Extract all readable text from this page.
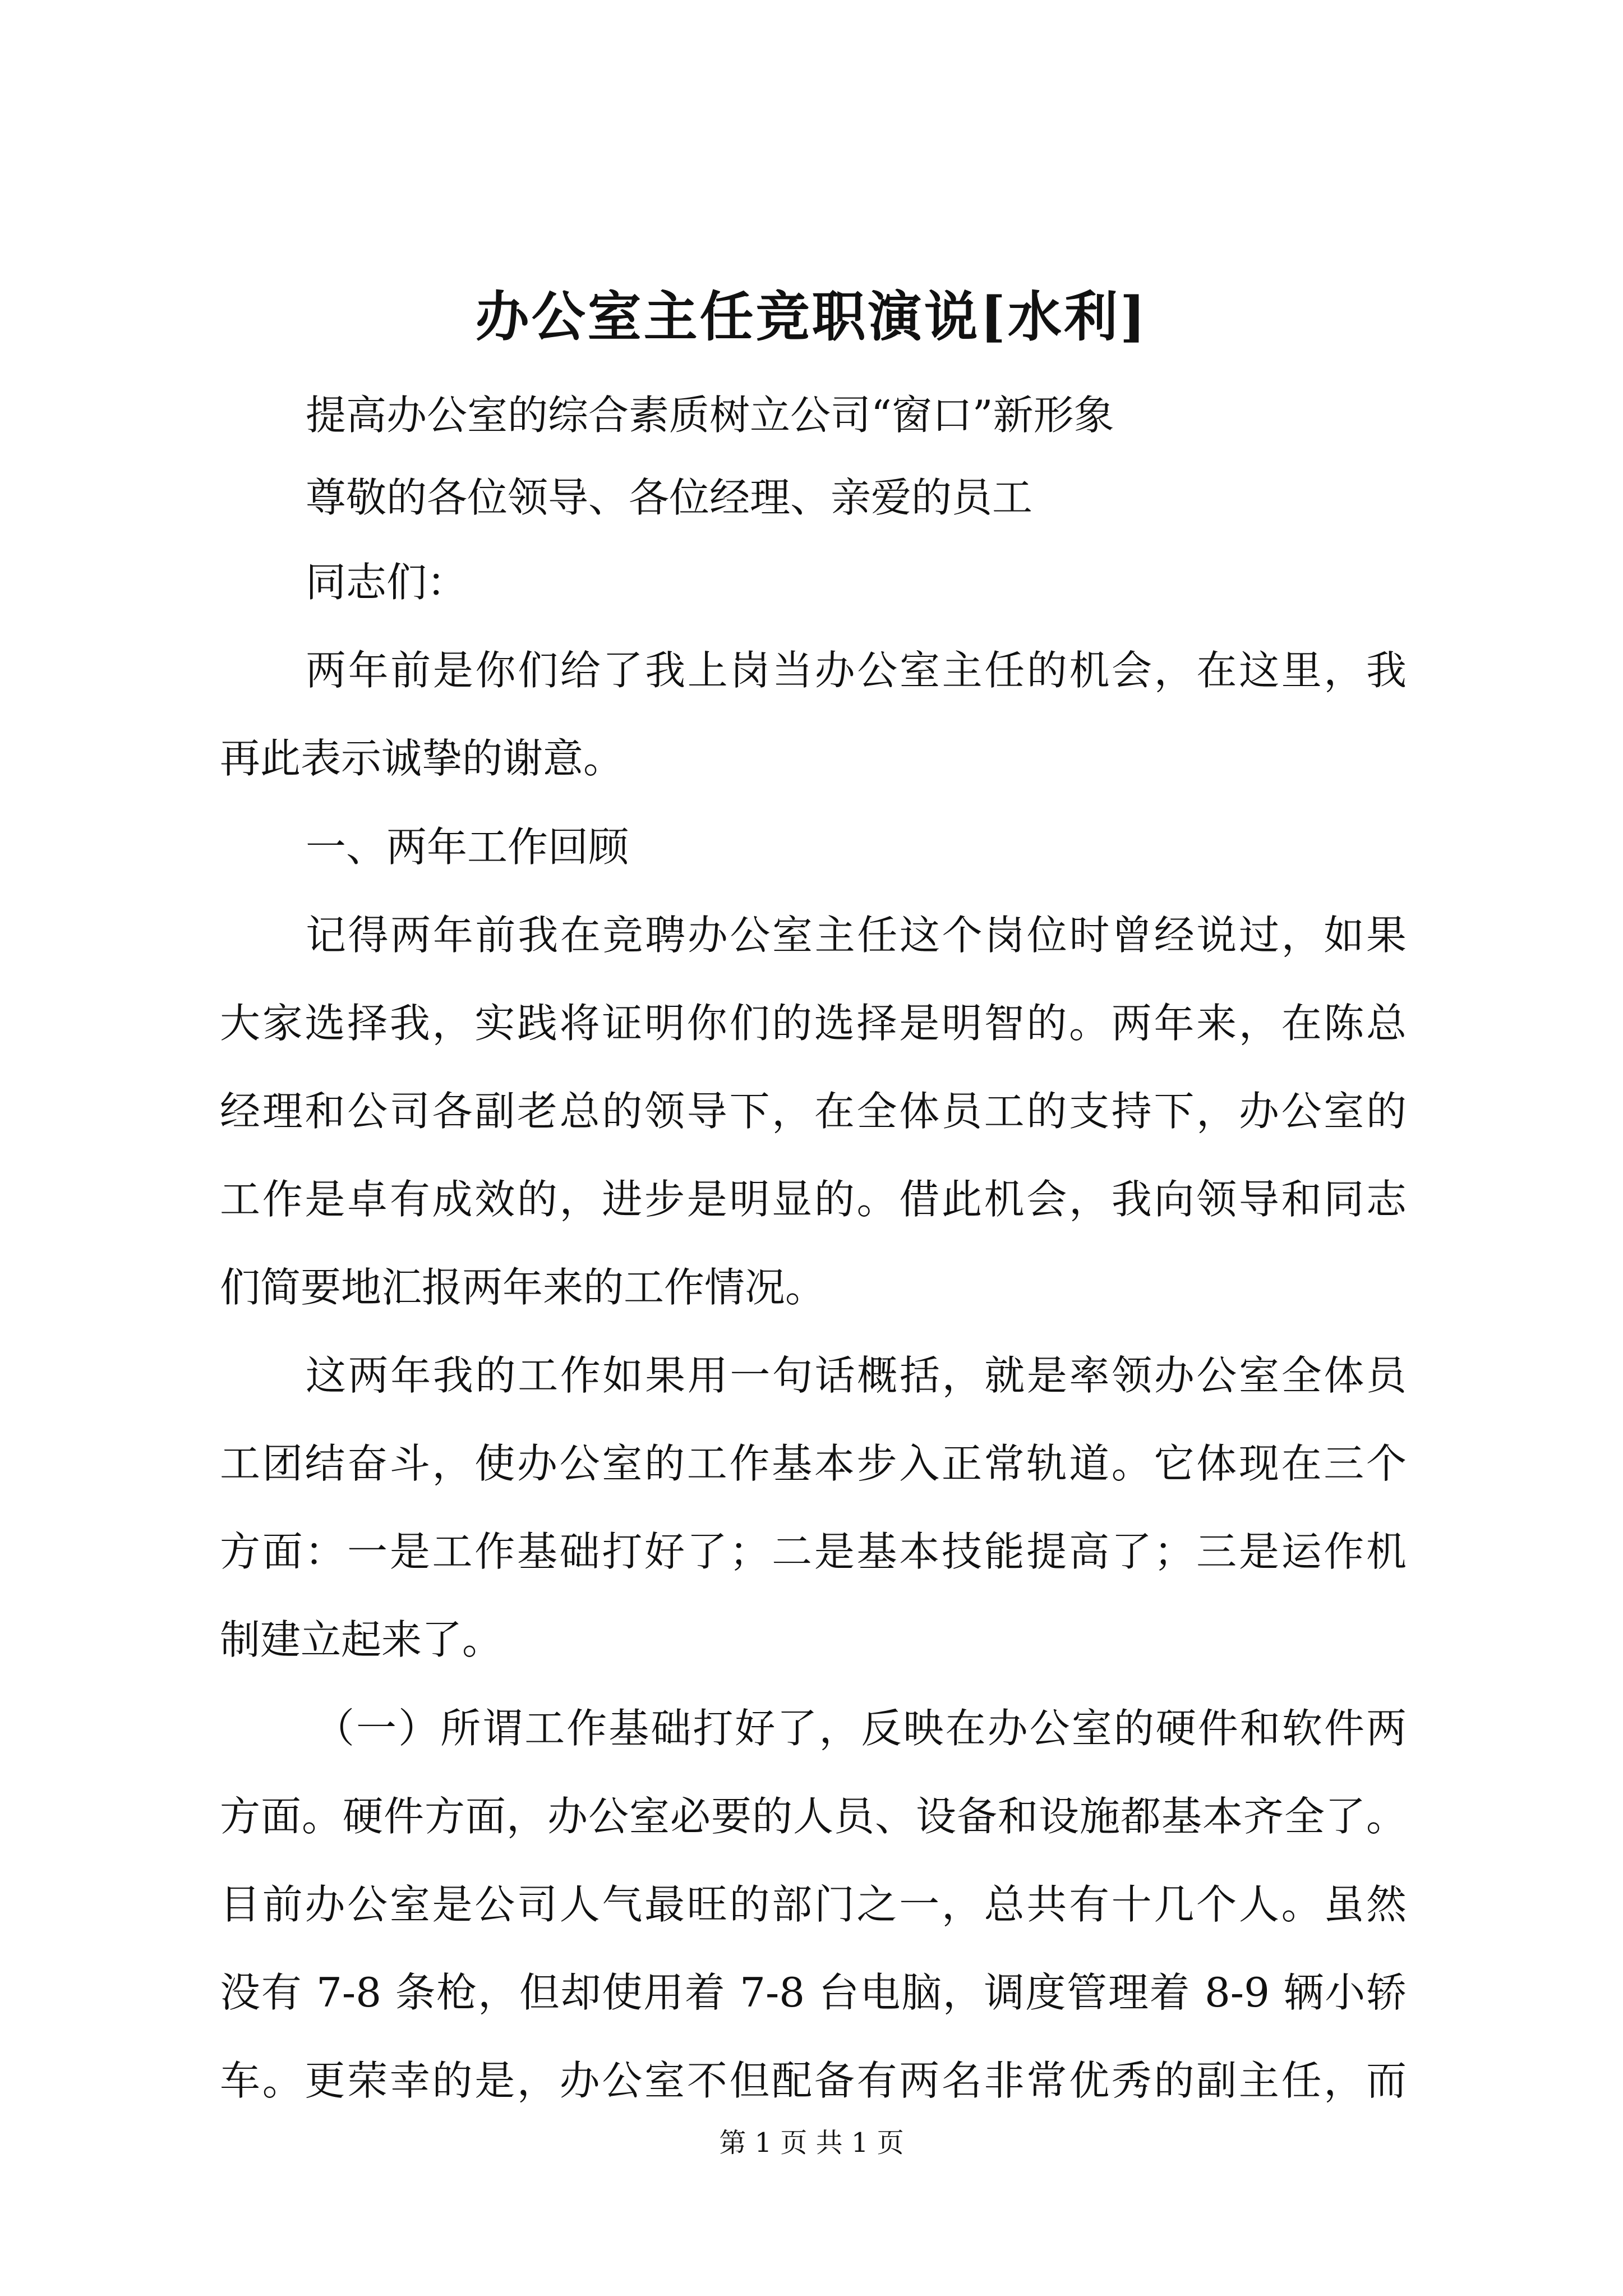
办公室主任竞职演说[水利]
提高办公室的综合素质树立公司“窗口”新形象
尊敬的各位领导、各位经理、亲爱的员工
同志们：
两年前是你们给了我上岗当办公室主任的机会，在这里，我
再此表示诚挚的谢意。
一、两年工作回顾
记得两年前我在竞聘办公室主任这个岗位时曾经说过，如果
大家选择我，实践将证明你们的选择是明智的。两年来，在陈总
经理和公司各副老总的领导下，在全体员工的支持下，办公室的
工作是卓有成效的，进步是明显的。借此机会，我向领导和同志
们简要地汇报两年来的工作情况。
这两年我的工作如果用一句话概括，就是率领办公室全体员
工团结奋斗，使办公室的工作基本步入正常轨道。它体现在三个
方面：一是工作基础打好了；二是基本技能提高了；三是运作机
制建立起来了。
（一）所谓工作基础打好了，反映在办公室的硬件和软件两
方面。硬件方面，办公室必要的人员、设备和设施都基本齐全了。
目前办公室是公司人气最旺的部门之一，总共有十几个人。虽然
没有 7-8 条枪，但却使用着 7-8 台电脑，调度管理着 8-9 辆小轿
车。更荣幸的是，办公室不但配备有两名非常优秀的副主任，而
第 1 页 共 1 页
